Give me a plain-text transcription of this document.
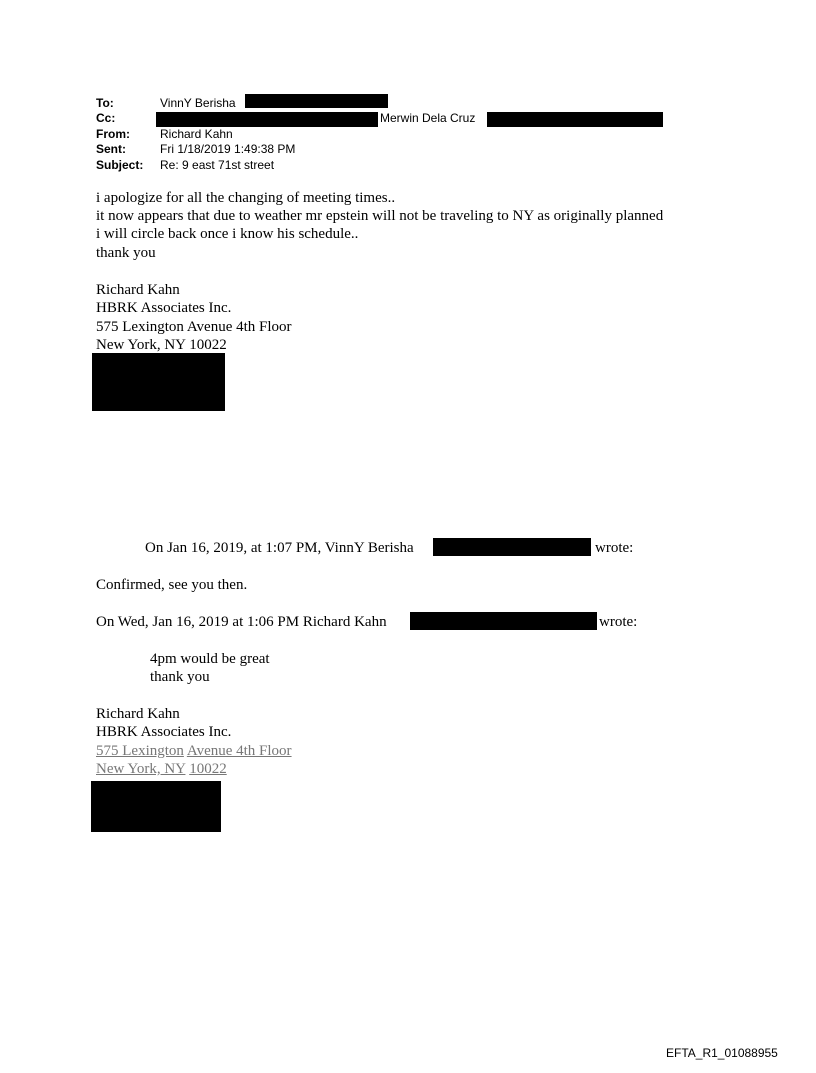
To:	VinnY Berisha
Cc:	Merwin Dela Cruz
From:	Richard Kahn
Sent:	Fri 1/18/2019 1:49:38 PM
Subject: Re: 9 east 71st street
i apologize for all the changing of meeting times..
it now appears that due to weather mr epstein will not be traveling to NY as originally planned
i will circle back once i know his schedule..
thank you
Richard Kahn
HBRK Associates Inc.
575 Lexington Avenue 4th Floor
New York, NY 10022
On Jan 16, 2019, at 1:07 PM, VinnY Berisha	wrote:
Confirmed, see you then.
On Wed, Jan 16, 2019 at 1:06 PM Richard Kahn	wrote:
4pm would be great
thank you
Richard Kahn
HBRK Associates Inc.
575 Lexington Avenue 4th Floor
New York, NY 10022
EFTA_R1_01088955
